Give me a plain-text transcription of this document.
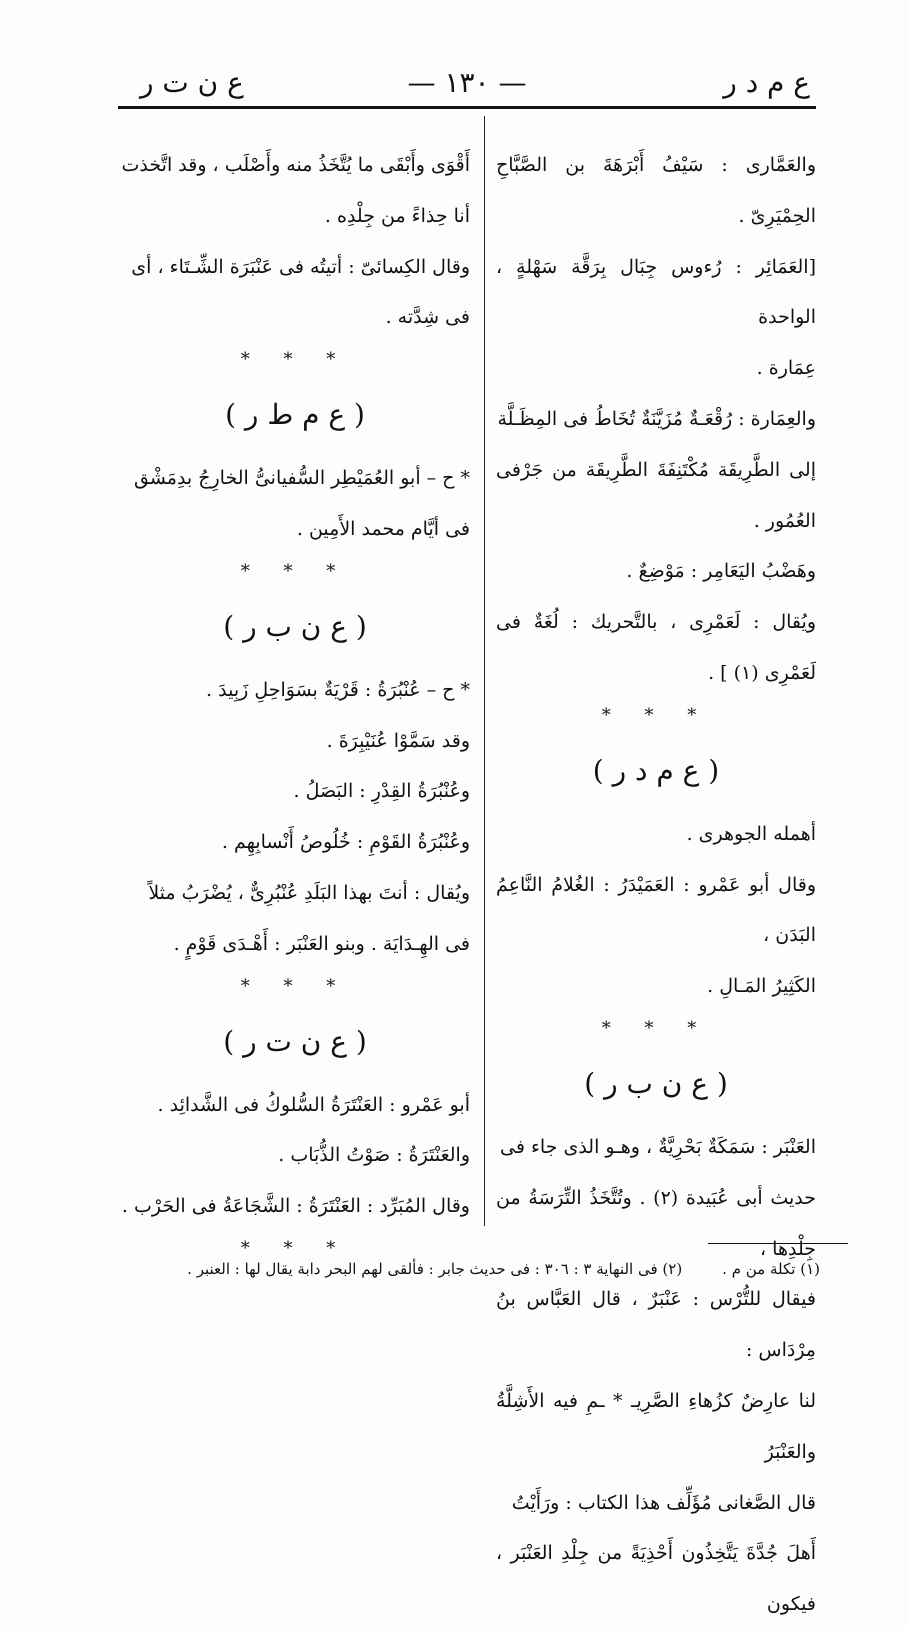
ع م د ر
— ١٣٠ —
ع ن ت ر
والعَمَّارى : سَيْفُ أَبْرَهَةَ بن الصَّبَّاحِ الحِمْيَرِىّ .
[العَمَائِر : رُءوس جِبَال بِرَقَّة سَهْلةٍ ، الواحدة
عِمَارة .
والعِمَارة : رُقْعَـةٌ مُزَيَّنَةٌ تُخَاطُ فى المِظَـلَّة
إلى الطَّرِيقَة مُكْتَنِفَةَ الطَّرِيقَة من جَرْفى العُمُور .
وهَضْبُ اليَعَامِر : مَوْضِعٌ .
ويُقال : لَعَمْرِى ، بالتَّحريك : لُغَةٌ فى لَعَمْرِى (١) ] .
* * *
( ع م د ر )
أهمله الجوهرى .
وقال أبو عَمْرو : العَمَيْدَرُ : الغُلامُ النَّاعِمُ البَدَن ،
الكَثِيرُ المَـالِ .
* * *
( ع ن ب ر )
العَنْبَر : سَمَكَةٌ بَحْرِيَّةٌ ، وهـو الذى جاء فى
حديث أبى عُبَيدة (٢) . وتُتَّخَذُ التِّرَسَةُ من جِلْدِها ،
فيقال للتُّرْس : عَنْبَرٌ ، قال العَبَّاس بنُ مِرْدَاس :
لنا عارِضٌ كزُهاءِ الصَّرِيـ * ـمِ فيه الأَشِلَّةُ والعَنْبَرُ
قال الصَّغانى مُؤَلِّف هذا الكتاب : ورَأَيْتُ
أَهلَ جُدَّةَ يَتَّخِذُون أَحْذِيَةً من جِلْدِ العَنْبَر ، فيكون
أَقْوَى وأَبْقَى ما يُتَّخَذُ منه وأَصْلَب ، وقد اتَّخذت
أنا حِذاءً من جِلْدِه .
وقال الكِسائىّ : أتيتُه فى عَنْبَرَة الشِّـتَاء ، أى
فى شِدَّته .
* * *
( ع م ط ر )
* ح – أبو العُمَيْطِر السُّفيانىُّ الخارِجُ بدِمَشْق
فى أيَّام محمد الأَمِين .
* * *
( ع ن ب ر )
* ح – عُنْبُرَةُ : قَرْيَةٌ بسَوَاحِلِ زَبِيدَ .
وقد سَمَّوْا عُنَيْبِرَةَ .
وعُنْبُرَةُ القِدْرِ : البَصَلُ .
وعُنْبُرَةُ القَوْمِ : خُلُوصُ أَنْسابِهِم .
ويُقال : أنتَ بهذا البَلَدِ عُنْبُرِىٌّ ، يُضْرَبُ مثلاً
فى الهِـدَايَة . وبنو العَنْبَر : أَهْـدَى قَوْمٍ .
* * *
( ع ن ت ر )
أبو عَمْرو : العَنْتَرَةُ السُّلوكُ فى الشَّدائِد .
والعَنْتَرَةُ : صَوْتُ الذُّبَاب .
وقال المُبَرِّد : العَنْتَرَةُ : الشَّجَاعَةُ فى الحَرْب .
* * *
(١) تكلة من م .
(٢) فى النهاية ٣ : ٣٠٦ : فى حديث جابر : فألقى لهم البحر دابة يقال لها : العنبر .
